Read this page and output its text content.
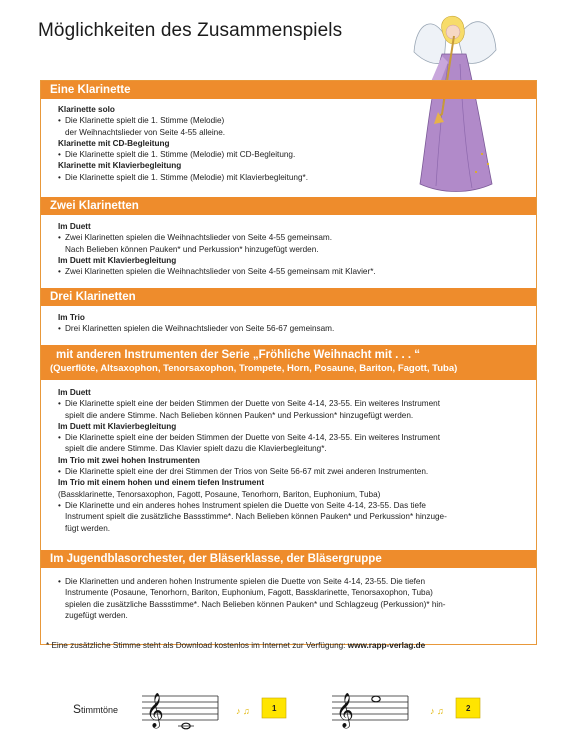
Möglichkeiten des Zusammenspiels
Eine Klarinette
Klarinette solo
• Die Klarinette spielt die 1. Stimme (Melodie)
der Weihnachtslieder von Seite 4-55 alleine.
Klarinette mit CD-Begleitung
• Die Klarinette spielt die 1. Stimme (Melodie) mit CD-Begleitung.
Klarinette mit Klavierbegleitung
• Die Klarinette spielt die 1. Stimme (Melodie) mit Klavierbegleitung*.
Zwei Klarinetten
Im Duett
• Zwei Klarinetten spielen die Weihnachtslieder von Seite 4-55 gemeinsam.
Nach Belieben können Pauken* und Perkussion* hinzugefügt werden.
Im Duett mit Klavierbegleitung
• Zwei Klarinetten spielen die Weihnachtslieder von Seite 4-55 gemeinsam mit Klavier*.
Drei Klarinetten
Im Trio
• Drei Klarinetten spielen die Weihnachtslieder von Seite 56-67 gemeinsam.
mit anderen Instrumenten der Serie „Fröhliche Weihnacht mit . . . “
(Querflöte, Altsaxophon, Tenorsaxophon, Trompete, Horn, Posaune, Bariton, Fagott, Tuba)
Im Duett
• Die Klarinette spielt eine der beiden Stimmen der Duette von Seite 4-14, 23-55. Ein weiteres Instrument
spielt die andere Stimme. Nach Belieben können Pauken* und Perkussion* hinzugefügt werden.
Im Duett mit Klavierbegleitung
• Die Klarinette spielt eine der beiden Stimmen der Duette von Seite 4-14, 23-55. Ein weiteres Instrument
spielt die andere Stimme. Das Klavier spielt dazu die Klavierbegleitung*.
Im Trio mit zwei hohen Instrumenten
• Die Klarinette spielt eine der drei Stimmen der Trios von Seite 56-67 mit zwei anderen Instrumenten.
Im Trio mit einem hohen und einem tiefen Instrument
(Bassklarinette, Tenorsaxophon, Fagott, Posaune, Tenorhorn, Bariton, Euphonium, Tuba)
• Die Klarinette und ein anderes hohes Instrument spielen die Duette von Seite 4-14, 23-55. Das tiefe
Instrument spielt die zusätzliche Bassstimme*. Nach Belieben können Pauken* und Perkussion* hinzuge-
fügt werden.
Im Jugendblasorchester, der Bläserklasse, der Bläsergruppe
• Die Klarinetten und anderen hohen Instrumente spielen die Duette von Seite 4-14, 23-55. Die tiefen
Instrumente (Posaune, Tenorhorn, Bariton, Euphonium, Fagott, Bassklarinette, Tenorsaxophon, Tuba)
spielen die zusätzliche Bassstimme*. Nach Belieben können Pauken* und Schlagzeug (Perkussion)* hin-
zugefügt werden.
* Eine zusätzliche Stimme steht als Download kostenlos im Internet zur Verfügung: www.rapp-verlag.de
Stimmtöne 𝄞	♪ ♫	1 𝄞	♪ ♫	2
